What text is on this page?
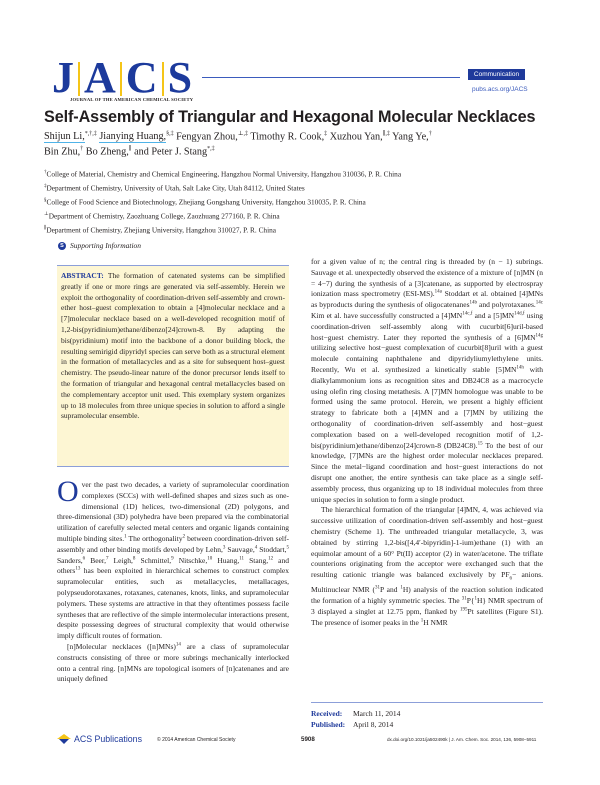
J A C S
JOURNAL OF THE AMERICAN CHEMICAL SOCIETY
Communication
pubs.acs.org/JACS
Self-Assembly of Triangular and Hexagonal Molecular Necklaces
Shijun Li,*,†,‡ Jianying Huang,§,‡ Fengyan Zhou,⊥,‡ Timothy R. Cook,‡ Xuzhou Yan,∥,‡ Yang Ye,†
Bin Zhu,† Bo Zheng,∥ and Peter J. Stang*,‡
†College of Material, Chemistry and Chemical Engineering, Hangzhou Normal University, Hangzhou 310036, P. R. China
‡Department of Chemistry, University of Utah, Salt Lake City, Utah 84112, United States
§College of Food Science and Biotechnology, Zhejiang Gongshang University, Hangzhou 310035, P. R. China
⊥Department of Chemistry, Zaozhuang College, Zaozhuang 277160, P. R. China
∥Department of Chemistry, Zhejiang University, Hangzhou 310027, P. R. China
S Supporting Information
ABSTRACT: The formation of catenated systems can be simplified greatly if one or more rings are generated via self-assembly. Herein we exploit the orthogonality of coordination-driven self-assembly and crown-ether host–guest complexation to obtain a [4]molecular necklace and a [7]molecular necklace based on a well-developed recognition motif of 1,2-bis(pyridinium)ethane/dibenzo[24]crown-8. By adapting the bis(pyridinium) motif into the backbone of a donor building block, the resulting semirigid dipyridyl species can serve both as a structural element in the formation of metallacycles and as a site for subsequent host–guest chemistry. The pseudo-linear nature of the donor precursor lends itself to the formation of triangular and hexagonal central metallacycles based on the complementary acceptor unit used. This exemplary system organizes up to 18 molecules from three unique species in solution to afford a single supramolecular ensemble.

Over the past two decades, a variety of supramolecular coordination complexes (SCCs) with well-defined shapes and sizes such as one-dimensional (1D) helices, two-dimensional (2D) polygons, and three-dimensional (3D) polyhedra have been prepared via the combinatorial utilization of carefully selected metal centers and organic ligands containing multiple binding sites.$^1$ The orthogonality$^2$ between coordination-driven self-assembly and other binding motifs developed by Lehn,$^3$ Sauvage,$^4$ Stoddart,$^5$ Sanders,$^6$ Beer,$^7$ Leigh,$^8$ Schmittel,$^9$ Nitschke,$^{10}$ Huang,$^{11}$ Stang,$^{12}$ and others$^{13}$ has been exploited in hierarchical schemes to construct complex supramolecular entities, such as metallacycles, metallacages, polypseudorotaxanes, rotaxanes, catenanes, knots, links, and supramolecular polymers. These systems are attractive in that they oftentimes possess facile syntheses that are reflective of the simple intermolecular interactions present, despite possessing degrees of structural complexity that would otherwise imply difficult routes of formation.

[n]Molecular necklaces $([n]MNs)^{14}$ are a class of supramolecular constructs consisting of three or more subrings mechanically interlocked onto a central ring. [n]MNs are topological isomers of [n]catenanes and are uniquely defined

for a given value of n; the central ring is threaded by (n − 1) subrings. Sauvage et al. unexpectedly observed the existence of a mixture of [n]MN (n = 4−7) during the synthesis of a [3]catenane, as supported by electrospray ionization mass spectrometry (ESI-MS).$^{14a}$ Stoddart et al. obtained [4]MNs as byproducts during the synthesis of oligocatenanes$^{14b}$ and polyrotaxanes.$^{14c}$ Kim et al. have successfully constructed a $[4]MN^{14c,f}$ and a $[5]MN^{14d,f}$ using coordination-driven self-assembly along with cucurbit[6]uril-based host−guest chemistry. Later they reported the synthesis of a $[6]MN^{14g}$ utilizing selective host−guest complexation of cucurbit[8]uril with a guest molecule containing naphthalene and dipyridyliumylethylene units. Recently, Wu et al. synthesized a kinetically stable $[5]MN^{14h}$ with dialkylammonium ions as recognition sites and DB24C8 as a macrocycle using olefin ring closing metathesis. A [7]MN homologue was unable to be formed using the same protocol. Herein, we present a highly efficient strategy to fabricate both a [4]MN and a [7]MN by utilizing the orthogonality of coordination-driven self-assembly and host−guest complexation based on a well-developed recognition motif of 1,2-bis(pyridinium)ethane/dibenzo[24]crown-8 (DB24C8).$^{15}$ To the best of our knowledge, [7]MNs are the highest order molecular necklaces prepared. Since the metal−ligand coordination and host−guest interactions do not disrupt one another, the entire synthesis can take place as a single self-assembly process, thus organizing up to 18 individual molecules from three unique species in solution to form a single product.

The hierarchical formation of the triangular [4]MN, 4, was achieved via successive utilization of coordination-driven self-assembly and host−guest chemistry (Scheme 1). The unthreaded triangular metallacycle, 3, was obtained by stirring 1,2-bis([4,4′-bipyridin]-1-ium)ethane (1) with an equimolar amount of a 60° Pt(II) acceptor (2) in water/acetone. The triflate counterions originating from the acceptor were exchanged such that the resulting cationic triangle was balanced exclusively by $PF_6-$ anions. Multinuclear NMR ($^{31}$P and $^1$H) analysis of the reaction solution indicated the formation of a highly symmetric species. The $^{31}$P{$^1$H} NMR spectrum of 3 displayed a singlet at 12.75 ppm, flanked by $^{195}$Pt satellites (Figure S1). The presence of isomer peaks in the $^1$H NMR

Received:	March 11, 2014
Published:	April 8, 2014
ACS Publications	© 2014 American Chemical Society	5908	dx.doi.org/10.1021/ja502490k | J. Am. Chem. Soc. 2014, 136, 5908−5911
